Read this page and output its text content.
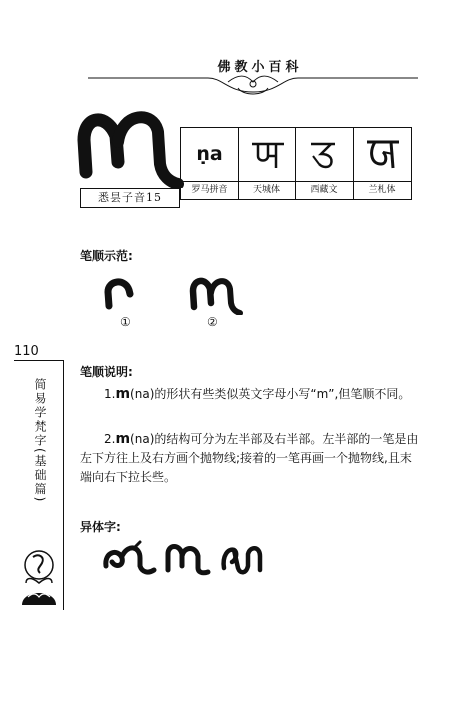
佛教小百科
悉昙子音15
ṇa
罗马拼音	天城体	西藏文	兰札体
笔顺示范:
①	②
110
简易学梵字(基础篇)
笔顺说明:
1.m(na)的形状有些类似英文字母小写“m”,但笔顺不同。
2.m(na)的结构可分为左半部及右半部。左半部的一笔是由左下方往上及右方画个抛物线;接着的一笔再画一个抛物线,且末端向右下拉长些。
异体字:
